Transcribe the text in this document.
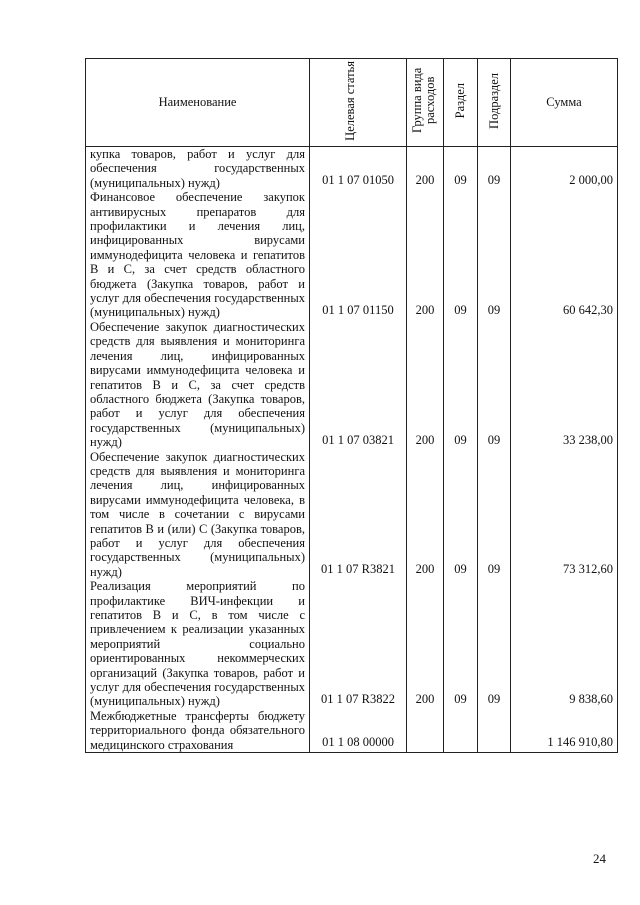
Наименование	Целевая статья	Группа вида расходов	Раздел	Подраздел	Сумма
купка товаров, работ и услуг для обеспечения государственных (муниципальных) нужд)	01 1 07 01050	200	09	09	2 000,00
Финансовое обеспечение закупок антивирусных препаратов для профилактики и лечения лиц, инфицированных вирусами иммунодефицита человека и гепатитов В и С, за счет средств областного бюджета (Закупка товаров, работ и услуг для обеспечения государственных (муниципальных) нужд)	01 1 07 01150	200	09	09	60 642,30
Обеспечение закупок диагностических средств для выявления и мониторинга лечения лиц, инфицированных вирусами иммунодефицита человека и гепатитов В и С, за счет средств областного бюджета (Закупка товаров, работ и услуг для обеспечения государственных (муниципальных) нужд)	01 1 07 03821	200	09	09	33 238,00
Обеспечение закупок диагностических средств для выявления и мониторинга лечения лиц, инфицированных вирусами иммунодефицита человека, в том числе в сочетании с вирусами гепатитов В и (или) С (Закупка товаров, работ и услуг для обеспечения государственных (муниципальных) нужд)	01 1 07 R3821	200	09	09	73 312,60
Реализация мероприятий по профилактике ВИЧ-инфекции и гепатитов В и С, в том числе с привлечением к реализации указанных мероприятий социально ориентированных некоммерческих организаций (Закупка товаров, работ и услуг для обеспечения государственных (муниципальных) нужд)	01 1 07 R3822	200	09	09	9 838,60
Межбюджетные трансферты бюджету территориального фонда обязательного медицинского страхования	01 1 08 00000				1 146 910,80
24
